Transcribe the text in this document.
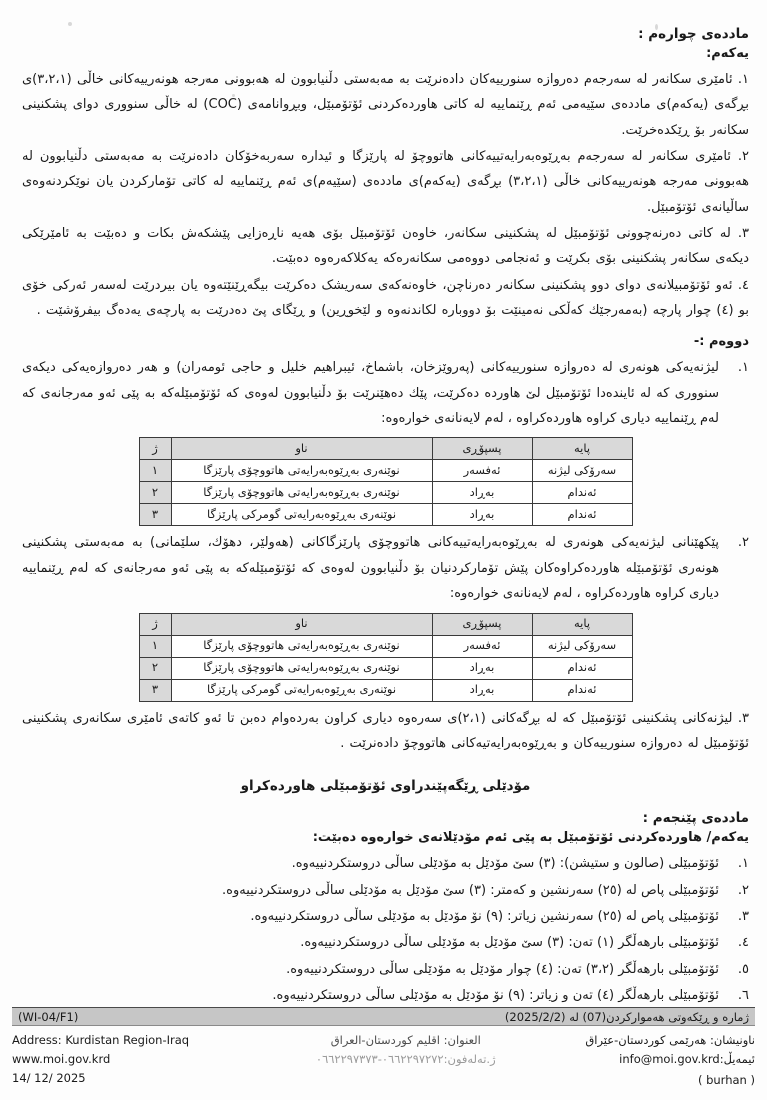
ماددەی چوارەم :
یەکەم:
١. ئامێری سکانەر لە سەرجەم دەروازە سنورییەکان دادەنرێت بە مەبەستی دڵنیابوون لە هەبوونی مەرجە هونەرییەکانی خاڵی (٣،٢،١)ی بڕگەی (یەکەم)ی ماددەی سێیەمی ئەم ڕێنماییە لە کاتی هاوردەکردنی ئۆتۆمبێل، وبڕوانامەی (COC) لە خاڵی سنووری دوای پشکنینی سکانەر بۆ ڕێکدەخرێت.
٢. ئامێری سکانەر لە سەرجەم بەڕێوەبەرایەتییەکانی هاتووچۆ لە پارێزگا و ئیدارە سەربەخۆکان دادەنرێت بە مەبەستی دڵنیابوون لە هەبوونی مەرجە هونەرییەکانی خاڵی (٣،٢،١) بڕگەی (یەکەم)ی ماددەی (سێیەم)ی ئەم ڕێنماییە لە کاتی تۆمارکردن یان نوێکردنەوەی ساڵیانەی ئۆتۆمبێل.
٣. لە کاتی دەرنەچوونی ئۆتۆمبێل لە پشکنینی سکانەر، خاوەن ئۆتۆمبێل بۆی هەیە ناڕەزایی پێشکەش بکات و دەبێت بە ئامێرێکی دیکەی سکانەر پشکنینی بۆی بکرێت و ئەنجامی دووەمی سکانەرەکە یەکلاکەرەوە دەبێت.
٤. ئەو ئۆتۆمبیلانەی دوای دوو پشکنینی سکانەر دەرناچن، خاوەنەکەی سەریشک دەکرێت بیگەڕێنێتەوە یان بیردرێت لەسەر ئەرکی خۆی بو (٤) چوار پارچە (بەمەرجێك کەڵکی نەمینێت بۆ دووبارە لکاندنەوە و لێخوڕین) و ڕێگای پێ دەدرێت بە پارچەی یەدەگ بیفرۆشێت .
دووەم :-
١.
لیژنەیەکی هونەری لە دەروازە سنورییەکانی (پەروێزخان، باشماخ، ئیبراهیم خلیل و حاجی ئومەران) و هەر دەروازەیەکی دیکەی سنووری کە لە ئایندەدا ئۆتۆمبێل لێ هاوردە دەکرێت، پێك دەهێنرێت بۆ دڵنیابوون لەوەی کە ئۆتۆمبێلەکە بە پێی ئەو مەرجانەی کە لەم ڕێنماییە دیاری کراوە هاوردەکراوە ، لەم لایەنانەی خوارەوە:
پایە	پسپۆڕی	ناو	ژ
سەرۆکی لیژنە	ئەفسەر	نوێنەری بەڕێوەبەرایەتی هاتووچۆی پارێزگا	١
ئەندام	بەڕاد	نوێنەری بەڕێوەبەرایەتی هاتووچۆی پارێزگا	٢
ئەندام	بەڕاد	نوێنەری بەڕێوەبەرایەتی گومرکی پارێزگا	٣
٢.
پێکهێنانی لیژنەیەکی هونەری لە بەڕێوەبەرایەتییەکانی هاتووچۆی پارێزگاکانی (هەولێر، دهۆك، سلێمانی) بە مەبەستی پشکنینی هونەری ئۆتۆمبێلە هاوردەکراوەکان پێش تۆمارکردنیان بۆ دڵنیابوون لەوەی کە ئۆتۆمبێلەکە بە پێی ئەو مەرجانەی کە لەم ڕێنماییە دیاری کراوە هاوردەکراوە ، لەم لایەنانەی خوارەوە:
پایە	پسپۆڕی	ناو	ژ
سەرۆکی لیژنە	ئەفسەر	نوێنەری بەڕێوەبەرایەتی هاتووچۆی پارێزگا	١
ئەندام	بەڕاد	نوێنەری بەڕێوەبەرایەتی هاتووچۆی پارێزگا	٢
ئەندام	بەڕاد	نوێنەری بەڕێوەبەرایەتی گومرکی پارێزگا	٣
٣. لیژنەکانی پشکنینی ئۆتۆمبێل کە لە بڕگەکانی (٢،١)ی سەرەوە دیاری کراون بەردەوام دەبن تا ئەو کاتەی ئامێری سکانەری پشکنینی ئۆتۆمبێل لە دەروازە سنورییەکان و بەڕێوەبەرایەتیەکانی هاتووچۆ دادەنرێت .
مۆدێلی ڕێگەپێندراوی ئۆتۆمبێلی هاوردەکراو
ماددەی پێنجەم :
یەکەم/ هاوردەکردنی ئۆتۆمبێل بە پێی ئەم مۆدێلانەی خوارەوە دەبێت:
١.
ئۆتۆمبێلی (صالون و ستیشن): (٣) سێ مۆدێل بە مۆدێلی ساڵی دروستکردنییەوە.
٢.
ئۆتۆمبێلی پاص لە (٢٥) سەرنشین و کەمتر: (٣) سێ مۆدێل بە مۆدێلی ساڵی دروستکردنییەوە.
٣.
ئۆتۆمبێلی پاص لە (٢٥) سەرنشین زیاتر: (٩) نۆ مۆدێل بە مۆدێلی ساڵی دروستکردنییەوە.
٤.
ئۆتۆمبێلی بارهەڵگر (١) تەن: (٣) سێ مۆدێل بە مۆدێلی ساڵی دروستکردنییەوە.
٥.
ئۆتۆمبێلی بارهەڵگر (٣،٢) تەن: (٤) چوار مۆدێل بە مۆدێلی ساڵی دروستکردنییەوە.
٦.
ئۆتۆمبێلی بارهەڵگر (٤) تەن و زیاتر: (٩) نۆ مۆدێل بە مۆدێلی ساڵی دروستکردنییەوە.
ژمارە و ڕێکەوتی هەموارکردن(07) لە (2025/2/2)
(WI-04/F1)
Address: Kurdistan Region-Iraq
www.moi.gov.krd
14/ 12/ 2025
العنوان: اقلیم کوردستان-العراق
ژ.تەلەفون:٠٦٦٢٢٩٧٢٧٢-٠٦٦٢٢٩٧٣٧٣
ناونیشان: هەرێمی کوردستان-عێراق
ئیمەیڵ:info@moi.gov.krd
( burhan )
